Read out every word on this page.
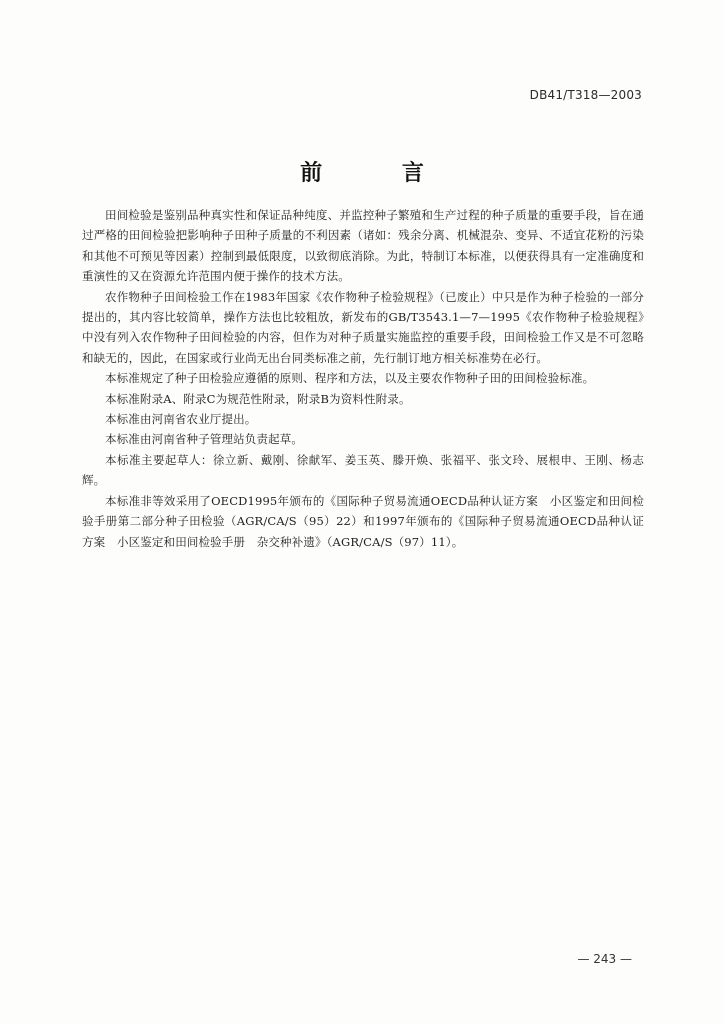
DB41/T318—2003
前 言

田间检验是鉴别品种真实性和保证品种纯度、并监控种子繁殖和生产过程的种子质量的重要手段，旨在通过严格的田间检验把影响种子田种子质量的不利因素（诸如：残余分离、机械混杂、变异、不适宜花粉的污染和其他不可预见等因素）控制到最低限度，以致彻底消除。为此，特制订本标准，以便获得具有一定准确度和重演性的又在资源允许范围内便于操作的技术方法。

农作物种子田间检验工作在1983年国家《农作物种子检验规程》（已废止）中只是作为种子检验的一部分提出的，其内容比较简单，操作方法也比较粗放，新发布的GB/T3543.1—7—1995《农作物种子检验规程》中没有列入农作物种子田间检验的内容，但作为对种子质量实施监控的重要手段，田间检验工作又是不可忽略和缺无的，因此，在国家或行业尚无出台同类标准之前，先行制订地方相关标准势在必行。

本标准规定了种子田检验应遵循的原则、程序和方法，以及主要农作物种子田的田间检验标准。

本标准附录A、附录C为规范性附录，附录B为资料性附录。

本标准由河南省农业厅提出。

本标准由河南省种子管理站负责起草。

本标准主要起草人：徐立新、戴刚、徐献军、姜玉英、滕开焕、张福平、张文玲、展根申、王刚、杨志辉。

本标准非等效采用了OECD1995年颁布的《国际种子贸易流通OECD品种认证方案　小区鉴定和田间检验手册第二部分种子田检验（AGR/CA/S（95）22）和1997年颁布的《国际种子贸易流通OECD品种认证方案　小区鉴定和田间检验手册　杂交种补遗》（AGR/CA/S（97）11）。

— 243 —
